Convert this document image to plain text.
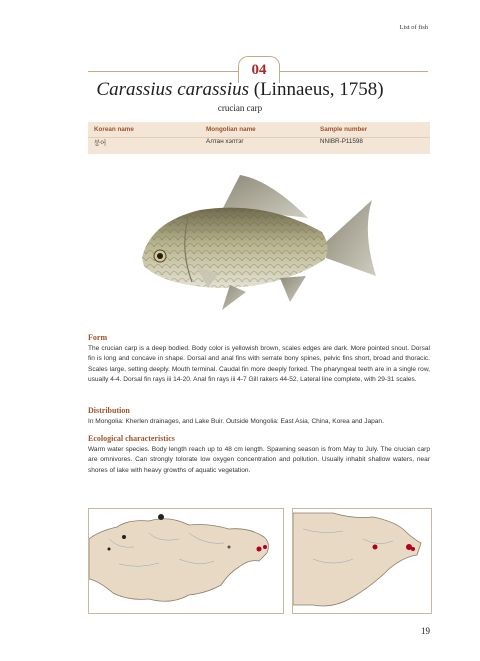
List of fish
04
Carassius carassius (Linnaeus, 1758)
crucian carp
Korean name
붕어
Mongolian name
Алтан хэлтэг
Sample number
NNIBR-P11598
Form
The crucian carp is a deep bodied. Body color is yellowish brown, scales edges are dark. More pointed snout. Dorsal fin is long and concave in shape. Dorsal and anal fins with serrate bony spines, pelvic fins short, broad and thoracic. Scales large, setting deeply. Mouth terminal. Caudal fin more deeply forked. The pharyngeal teeth are in a single row, usually 4-4. Dorsal fin rays iii 14-20. Anal fin rays iii 4-7 Gill rakers 44-52. Lateral line complete, with 29-31 scales.
Distribution
In Mongolia: Kherlen drainages, and Lake Buir. Outside Mongolia: East Asia, China, Korea and Japan.
Ecological characteristics
Warm water species. Body length reach up to 48 cm length. Spawning season is from May to July. The crucian carp are omnivores. Can strongly tolorate low oxygen concentration and pollution. Usually inhabit shallow waters, near shores of lake with heavy growths of aquatic vegetation.
19
